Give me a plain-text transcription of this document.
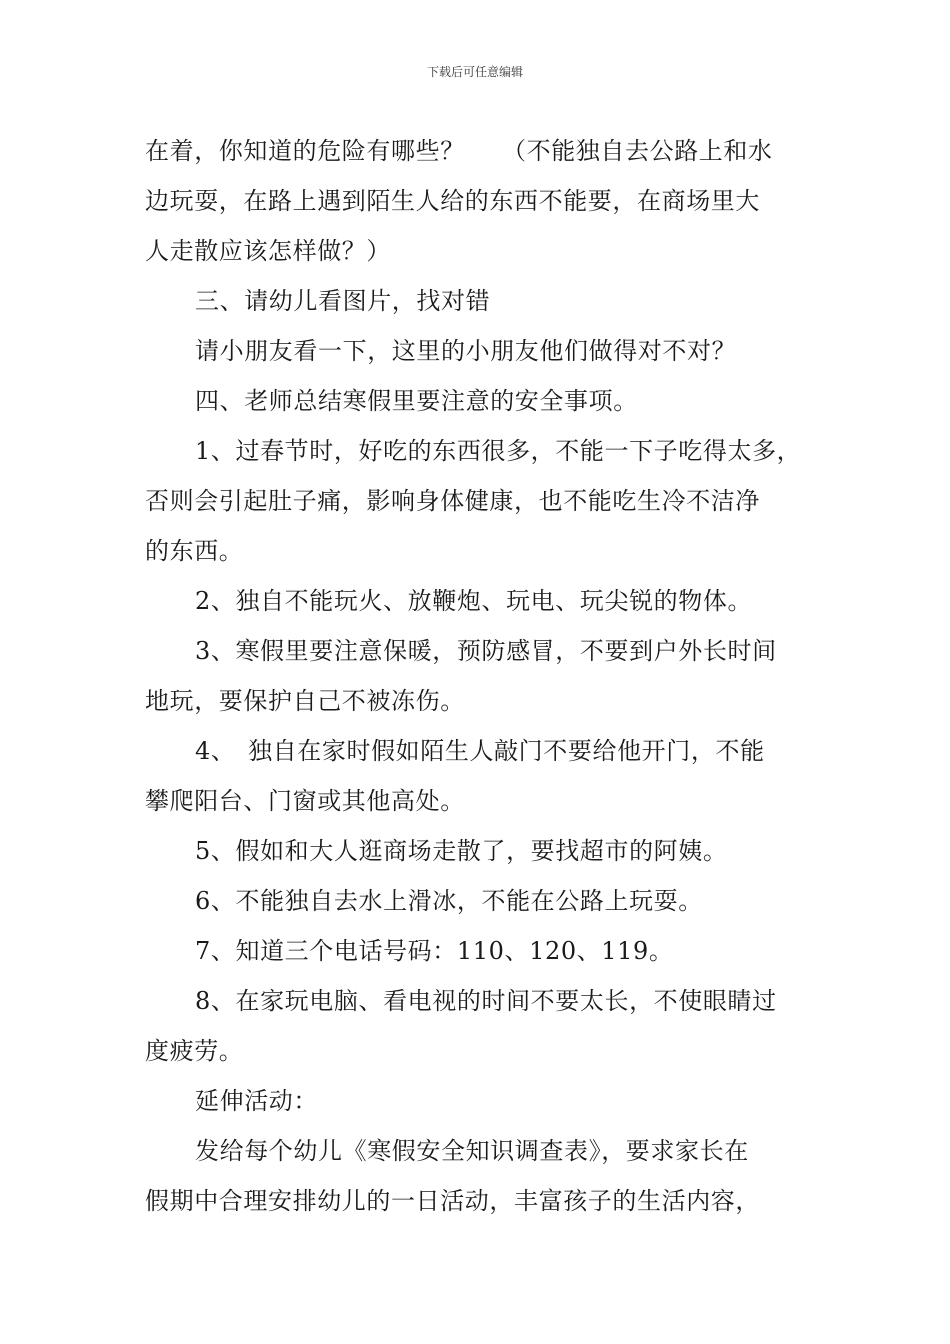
下载后可任意编辑
在着，你知道的危险有哪些？　　（不能独自去公路上和水
边玩耍，在路上遇到陌生人给的东西不能要，在商场里大
人走散应该怎样做？）
三、请幼儿看图片，找对错
请小朋友看一下，这里的小朋友他们做得对不对？
四、老师总结寒假里要注意的安全事项。
1、过春节时，好吃的东西很多，不能一下子吃得太多，
否则会引起肚子痛，影响身体健康，也不能吃生冷不洁净
的东西。
2、独自不能玩火、放鞭炮、玩电、玩尖锐的物体。
3、寒假里要注意保暖，预防感冒，不要到户外长时间
地玩，要保护自己不被冻伤。
4、　独自在家时假如陌生人敲门不要给他开门，不能
攀爬阳台、门窗或其他高处。
5、假如和大人逛商场走散了，要找超市的阿姨。
6、不能独自去水上滑冰，不能在公路上玩耍。
7、知道三个电话号码：110、120、119。
8、在家玩电脑、看电视的时间不要太长，不使眼睛过
度疲劳。
延伸活动：
发给每个幼儿《寒假安全知识调查表》，要求家长在
假期中合理安排幼儿的一日活动，丰富孩子的生活内容，
